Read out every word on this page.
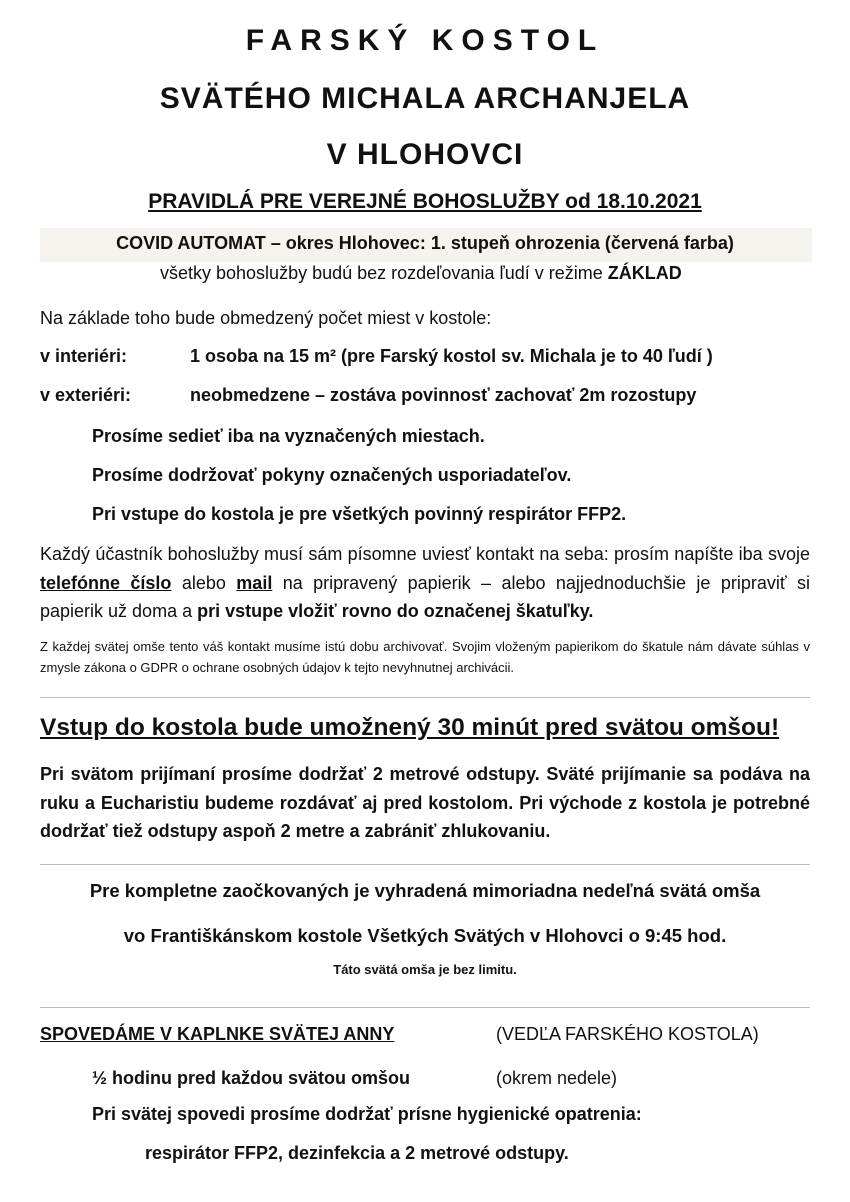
FARSKÝ KOSTOL
SVÄTÉHO MICHALA ARCHANJELA
V HLOHOVCI
PRAVIDLÁ PRE VEREJNÉ BOHOSLUŽBY od 18.10.2021
COVID AUTOMAT – okres Hlohovec: 1. stupeň ohrozenia (červená farba)
všetky bohoslužby budú bez rozdeľovania ľudí v režime ZÁKLAD
Na základe toho bude obmedzený počet miest v kostole:
v interiéri:	1 osoba na 15 m² (pre Farský kostol sv. Michala je to 40 ľudí )
v exteriéri:	neobmedzene – zostáva povinnosť zachovať 2m rozostupy
Prosíme sedieť iba na vyznačených miestach.
Prosíme dodržovať pokyny označených usporiadateľov.
Pri vstupe do kostola je pre všetkých povinný respirátor FFP2.
Každý účastník bohoslužby musí sám písomne uviesť kontakt na seba: prosím napíšte iba svoje telefónne číslo alebo mail na pripravený papierik – alebo najjednoduchšie je pripraviť si papierik už doma a pri vstupe vložiť rovno do označenej škatuľky.
Z každej svätej omše tento váš kontakt musíme istú dobu archivovať. Svojim vloženým papierikom do škatule nám dávate súhlas v zmysle zákona o GDPR o ochrane osobných údajov k tejto nevyhnutnej archivácii.
Vstup do kostola bude umožnený 30 minút pred svätou omšou!
Pri svätom prijímaní prosíme dodržať 2 metrové odstupy. Sväté prijímanie sa podáva na ruku a Eucharistiu budeme rozdávať aj pred kostolom. Pri východe z kostola je potrebné dodržať tiež odstupy aspoň 2 metre a zabrániť zhlukovaniu.
Pre kompletne zaočkovaných je vyhradená mimoriadna nedeľná svätá omša
vo Františkánskom kostole Všetkých Svätých v Hlohovci o 9:45 hod.
Táto svätá omša je bez limitu.
SPOVEDÁME V KAPLNKE SVÄTEJ ANNY	(VEDĽA FARSKÉHO KOSTOLA)
½ hodinu pred každou svätou omšou	(okrem nedele)
Pri svätej spovedi prosíme dodržať prísne hygienické opatrenia:
respirátor FFP2, dezinfekcia a 2 metrové odstupy.
